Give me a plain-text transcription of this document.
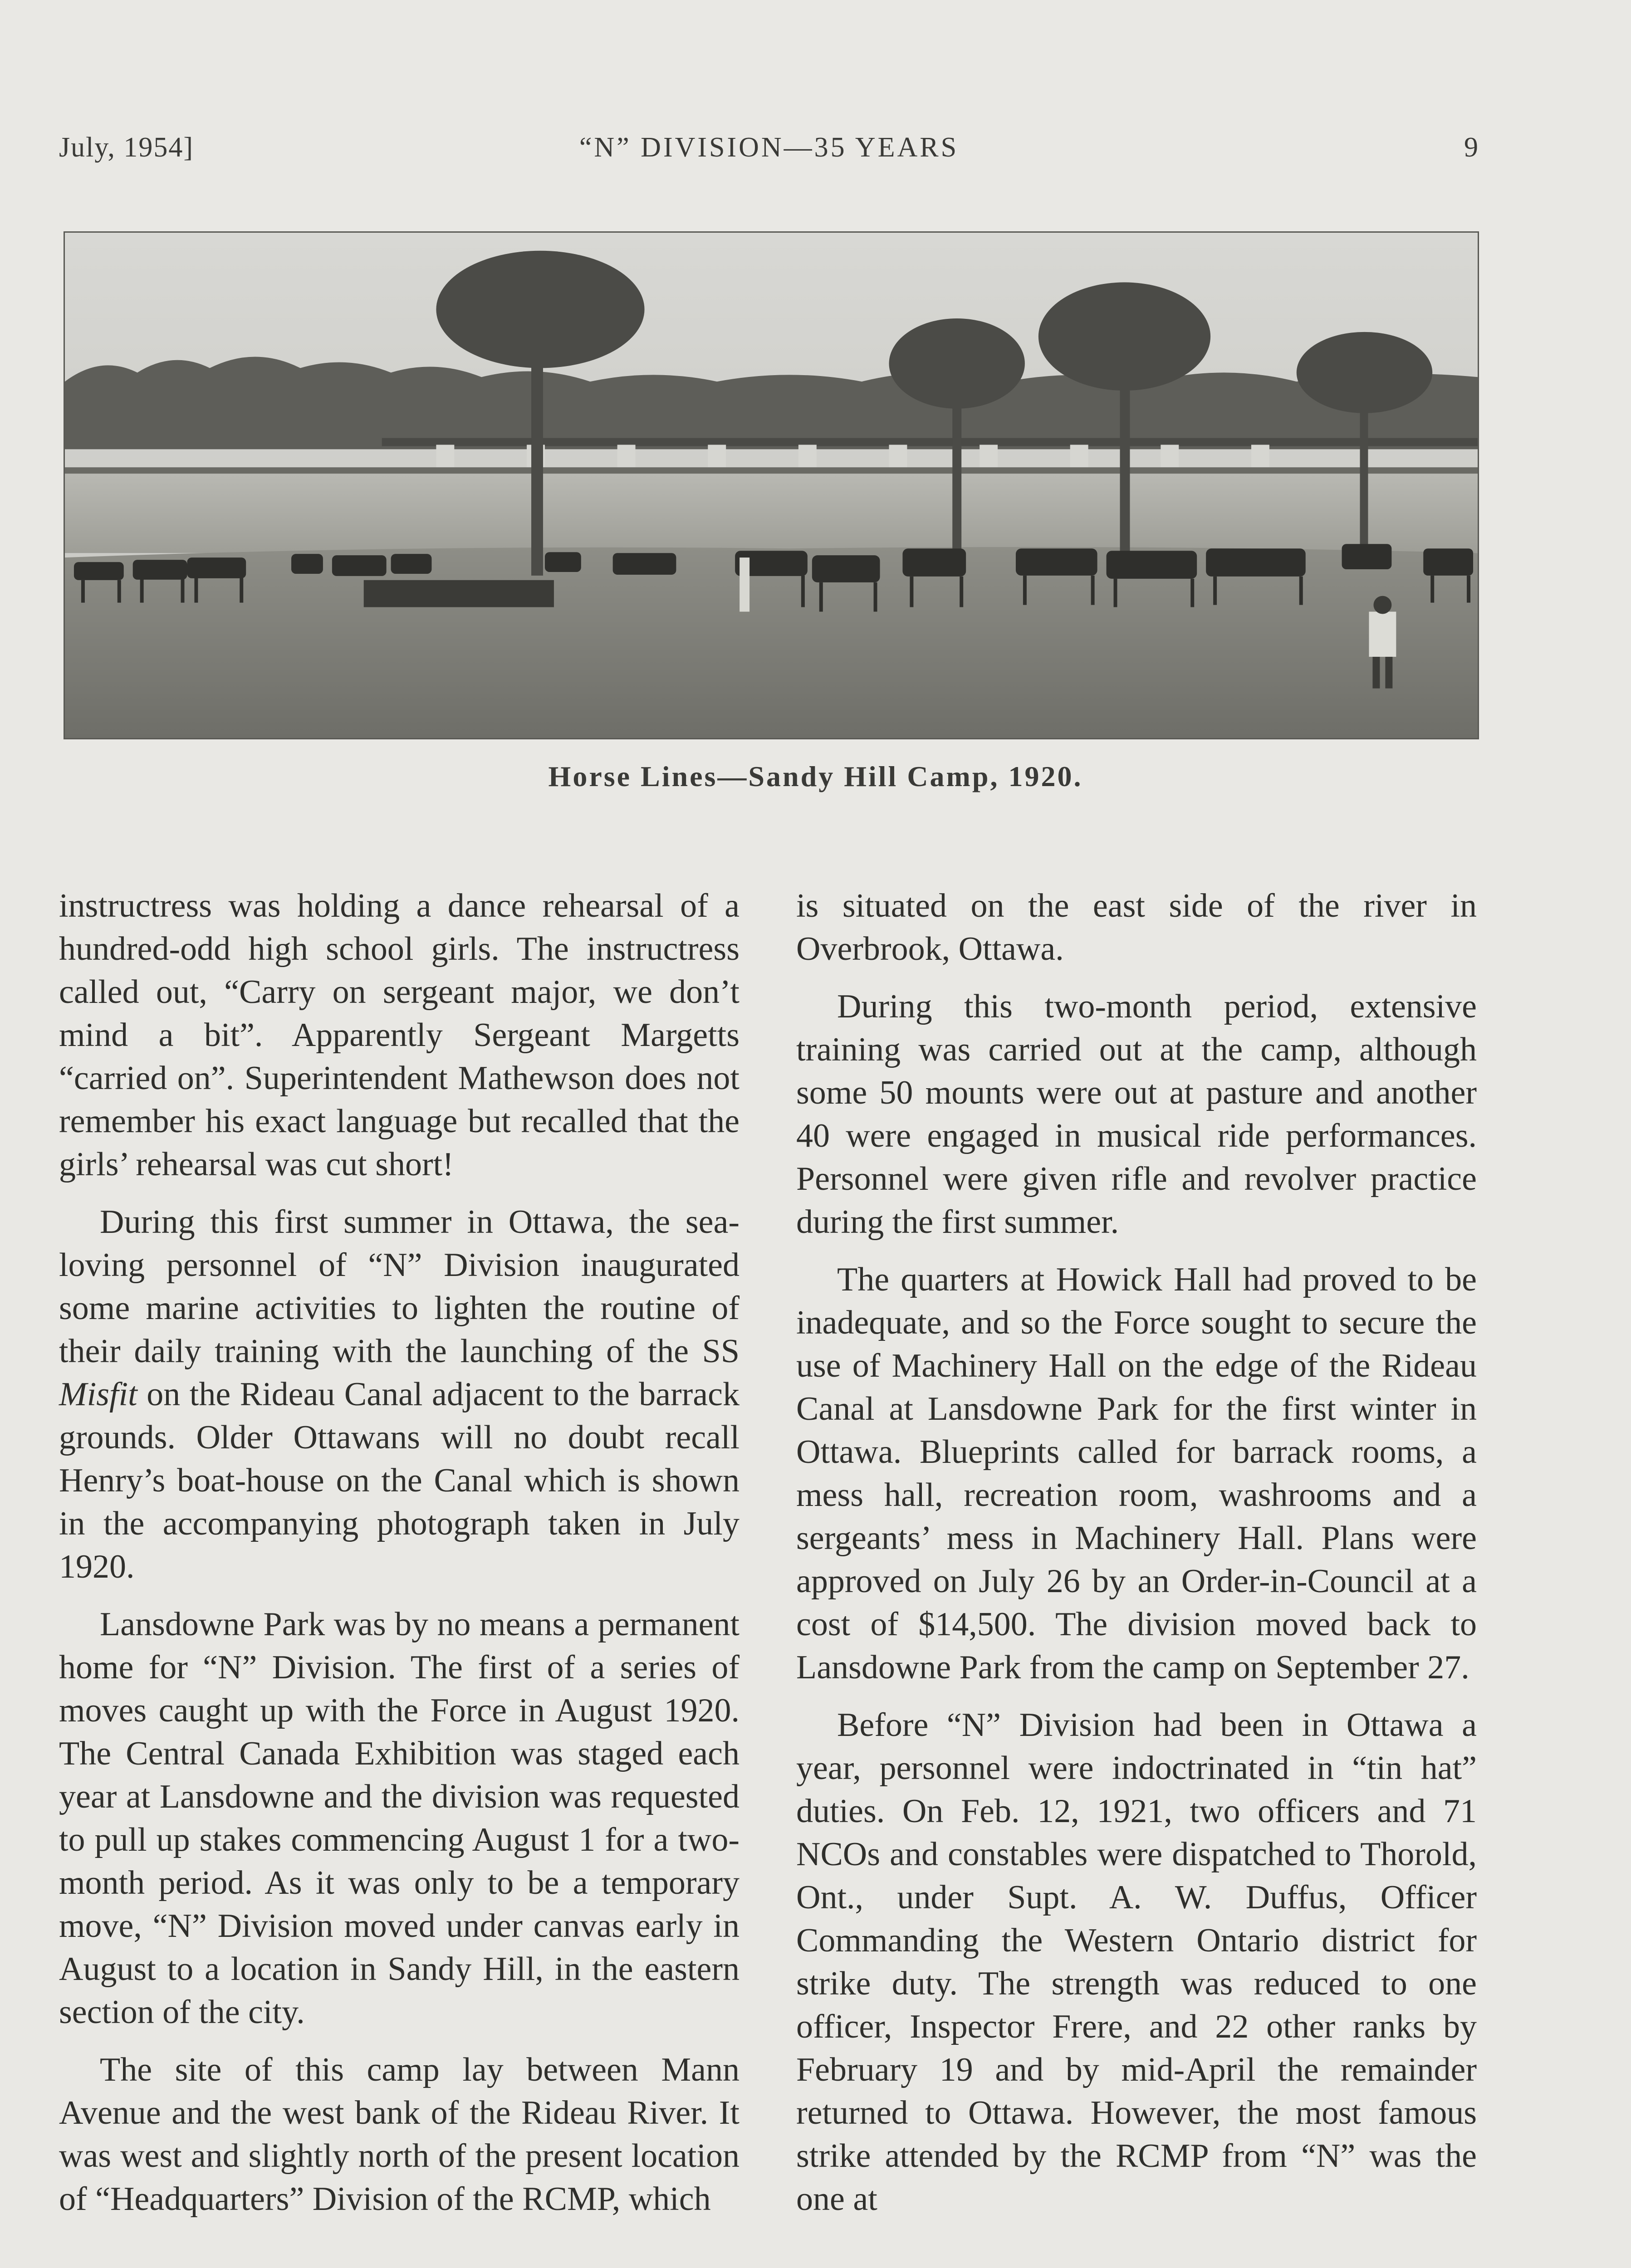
July, 1954]	“N” DIVISION—35 YEARS	9
Horse Lines—Sandy Hill Camp, 1920.

instructress was holding a dance rehearsal of a hundred-odd high school girls. The instructress called out, “Carry on sergeant major, we don’t mind a bit”. Apparently Sergeant Margetts “carried on”. Superintendent Mathewson does not remember his exact language but recalled that the girls’ rehearsal was cut short!

During this first summer in Ottawa, the sea-loving personnel of “N” Division inaugurated some marine activities to lighten the routine of their daily training with the launching of the SS Misfit on the Rideau Canal adjacent to the barrack grounds. Older Ottawans will no doubt recall Henry’s boat-house on the Canal which is shown in the accompanying photograph taken in July 1920.

Lansdowne Park was by no means a permanent home for “N” Division. The first of a series of moves caught up with the Force in August 1920. The Central Canada Exhibition was staged each year at Lansdowne and the division was requested to pull up stakes commencing August 1 for a two-month period. As it was only to be a temporary move, “N” Division moved under canvas early in August to a location in Sandy Hill, in the eastern section of the city.

The site of this camp lay between Mann Avenue and the west bank of the Rideau River. It was west and slightly north of the present location of “Headquarters” Division of the RCMP, which

is situated on the east side of the river in Overbrook, Ottawa.

During this two-month period, extensive training was carried out at the camp, although some 50 mounts were out at pasture and another 40 were engaged in musical ride performances. Personnel were given rifle and revolver practice during the first summer.

The quarters at Howick Hall had proved to be inadequate, and so the Force sought to secure the use of Machinery Hall on the edge of the Rideau Canal at Lansdowne Park for the first winter in Ottawa. Blueprints called for barrack rooms, a mess hall, recreation room, washrooms and a sergeants’ mess in Machinery Hall. Plans were approved on July 26 by an Order-in-Council at a cost of $14,500. The division moved back to Lansdowne Park from the camp on September 27.

Before “N” Division had been in Ottawa a year, personnel were indoctrinated in “tin hat” duties. On Feb. 12, 1921, two officers and 71 NCOs and constables were dispatched to Thorold, Ont., under Supt. A. W. Duffus, Officer Commanding the Western Ontario district for strike duty. The strength was reduced to one officer, Inspector Frere, and 22 other ranks by February 19 and by mid-April the remainder returned to Ottawa. However, the most famous strike attended by the RCMP from “N” was the one at
